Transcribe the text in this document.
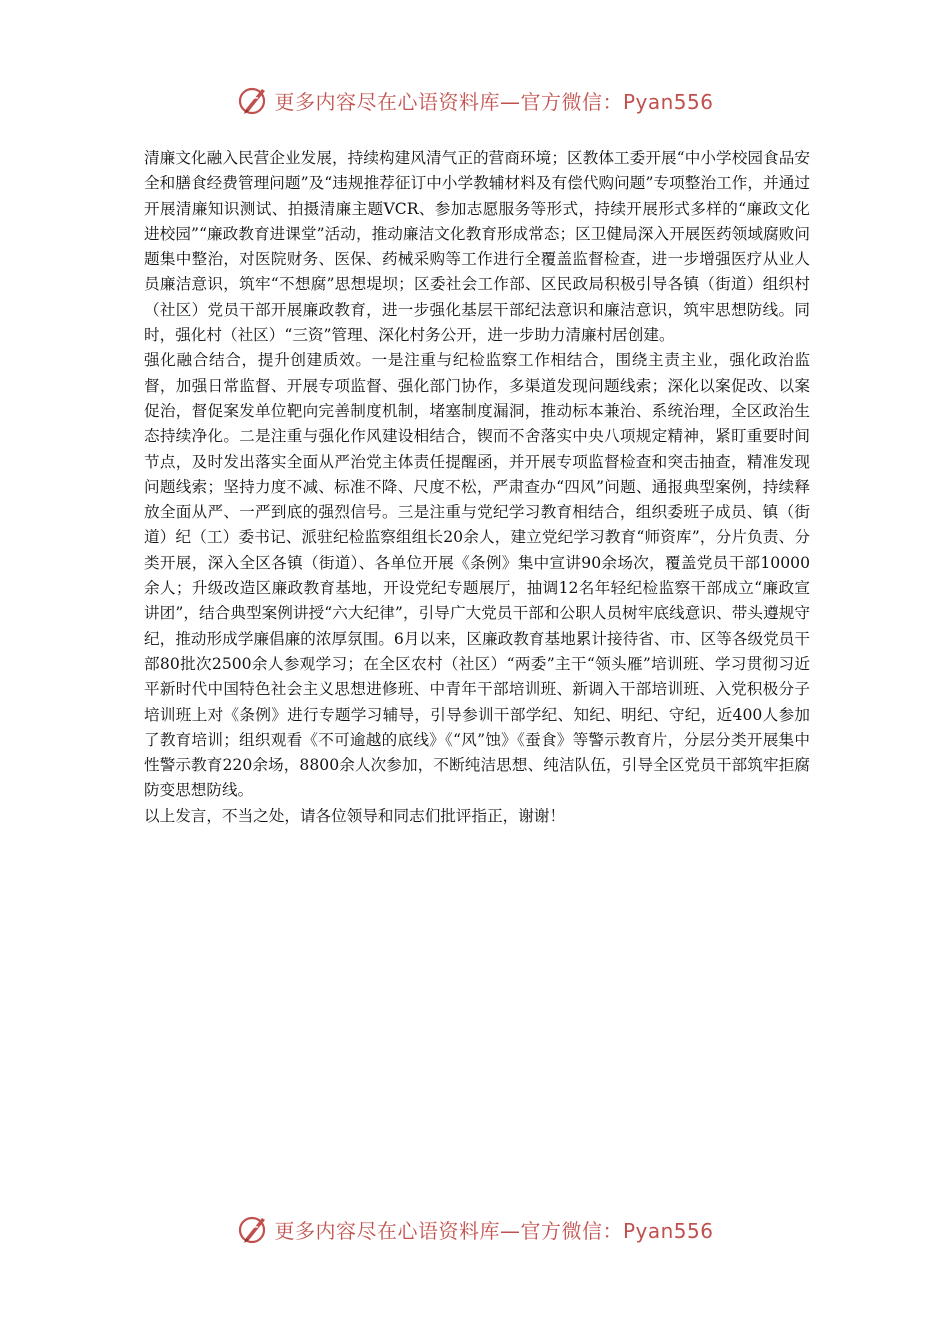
更多内容尽在心语资料库—官方微信：Pyan556

清廉文化融入民营企业发展，持续构建风清气正的营商环境；区教体工委开展“中小学校园食品安全和膳食经费管理问题”及“违规推荐征订中小学教辅材料及有偿代购问题”专项整治工作，并通过开展清廉知识测试、拍摄清廉主题VCR、参加志愿服务等形式，持续开展形式多样的“廉政文化进校园”“廉政教育进课堂”活动，推动廉洁文化教育形成常态；区卫健局深入开展医药领域腐败问题集中整治，对医院财务、医保、药械采购等工作进行全覆盖监督检查，进一步增强医疗从业人员廉洁意识，筑牢“不想腐”思想堤坝；区委社会工作部、区民政局积极引导各镇（街道）组织村（社区）党员干部开展廉政教育，进一步强化基层干部纪法意识和廉洁意识，筑牢思想防线。同时，强化村（社区）“三资”管理、深化村务公开，进一步助力清廉村居创建。

强化融合结合，提升创建质效。一是注重与纪检监察工作相结合，围绕主责主业，强化政治监督，加强日常监督、开展专项监督、强化部门协作，多渠道发现问题线索；深化以案促改、以案促治，督促案发单位靶向完善制度机制，堵塞制度漏洞，推动标本兼治、系统治理，全区政治生态持续净化。二是注重与强化作风建设相结合，锲而不舍落实中央八项规定精神，紧盯重要时间节点，及时发出落实全面从严治党主体责任提醒函，并开展专项监督检查和突击抽查，精准发现问题线索；坚持力度不减、标准不降、尺度不松，严肃查办“四风”问题、通报典型案例，持续释放全面从严、一严到底的强烈信号。三是注重与党纪学习教育相结合，组织委班子成员、镇（街道）纪（工）委书记、派驻纪检监察组组长20余人，建立党纪学习教育“师资库”，分片负责、分类开展，深入全区各镇（街道）、各单位开展《条例》集中宣讲90余场次，覆盖党员干部10000余人；升级改造区廉政教育基地，开设党纪专题展厅，抽调12名年轻纪检监察干部成立“廉政宣讲团”，结合典型案例讲授“六大纪律”，引导广大党员干部和公职人员树牢底线意识、带头遵规守纪，推动形成学廉倡廉的浓厚氛围。6月以来，区廉政教育基地累计接待省、市、区等各级党员干部80批次2500余人参观学习；在全区农村（社区）“两委”主干“领头雁”培训班、学习贯彻习近平新时代中国特色社会主义思想进修班、中青年干部培训班、新调入干部培训班、入党积极分子培训班上对《条例》进行专题学习辅导，引导参训干部学纪、知纪、明纪、守纪，近400人参加了教育培训；组织观看《不可逾越的底线》《“风”蚀》《蚕食》等警示教育片，分层分类开展集中性警示教育220余场，8800余人次参加，不断纯洁思想、纯洁队伍，引导全区党员干部筑牢拒腐防变思想防线。

以上发言，不当之处，请各位领导和同志们批评指正，谢谢！

更多内容尽在心语资料库—官方微信：Pyan556
